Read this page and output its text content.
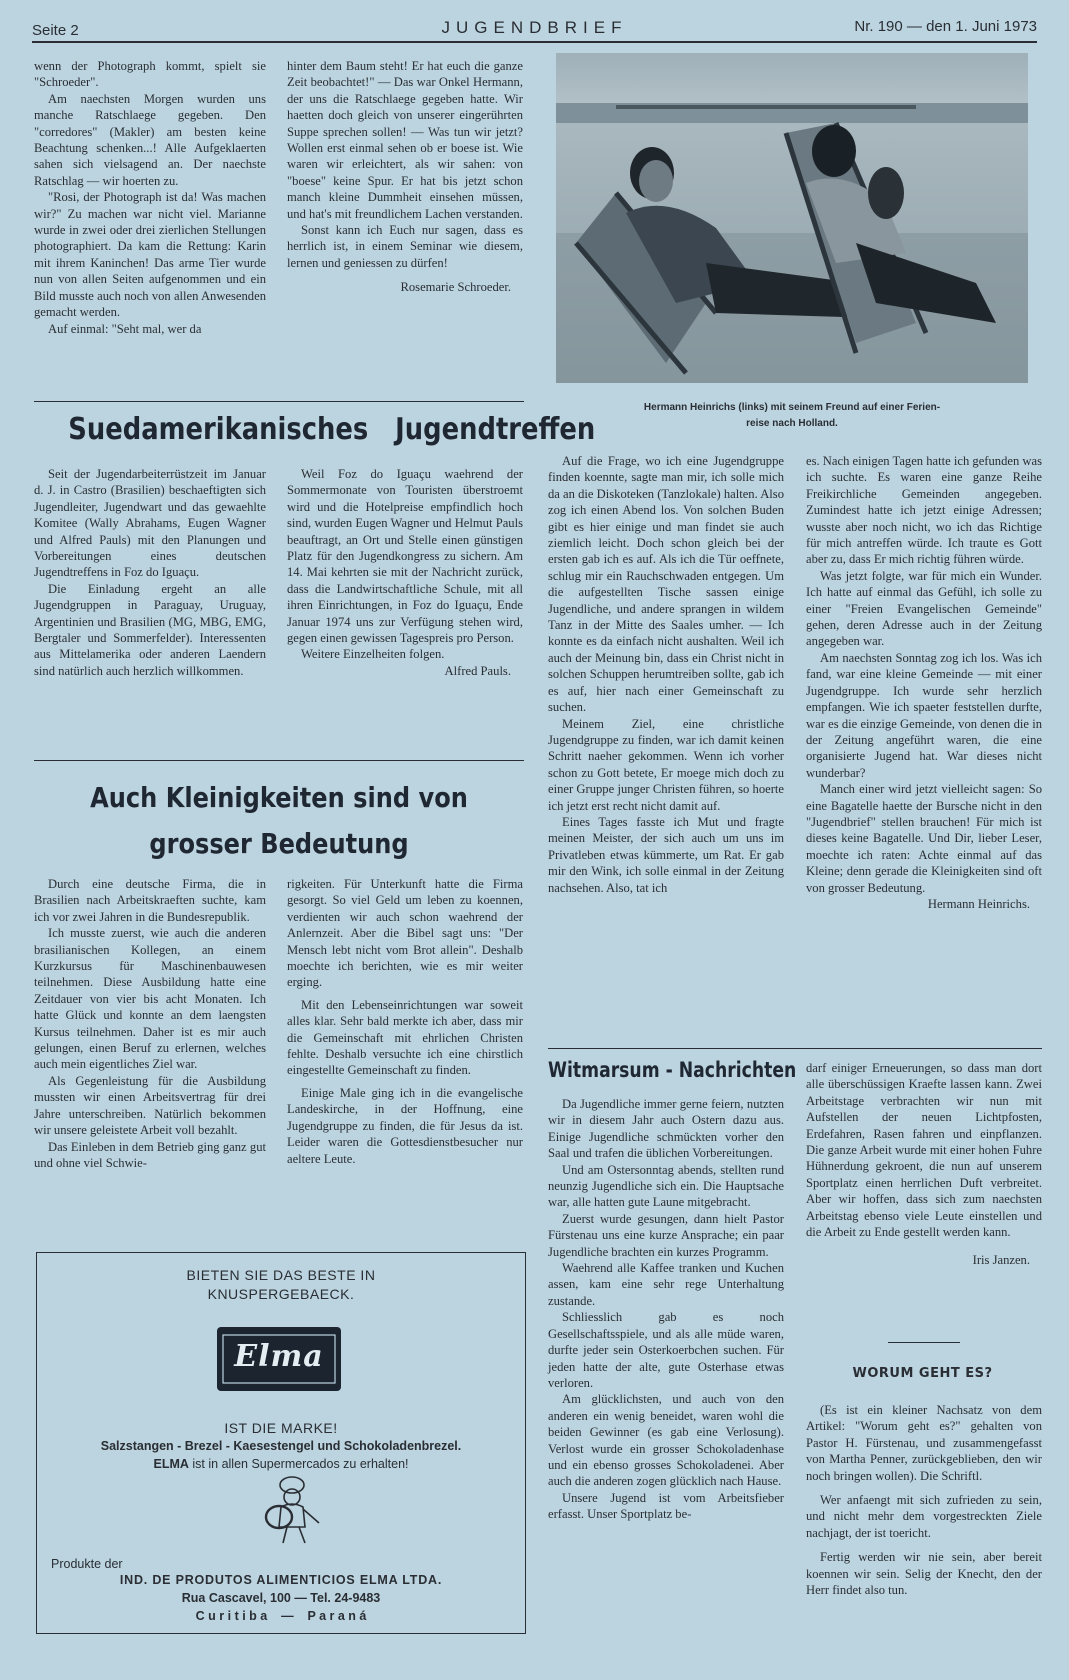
Seite 2	JUGENDBRIEF	Nr. 190 — den 1. Juni 1973

wenn der Photograph kommt, spielt sie "Schroeder".

Am naechsten Morgen wurden uns manche Ratschlaege gegeben. Den "corredores" (Makler) am besten keine Beachtung schenken...! Alle Aufgeklaerten sahen sich vielsagend an. Der naechste Ratschlag — wir hoerten zu.

"Rosi, der Photograph ist da! Was machen wir?" Zu machen war nicht viel. Marianne wurde in zwei oder drei zierlichen Stellungen photographiert. Da kam die Rettung: Karin mit ihrem Kaninchen! Das arme Tier wurde nun von allen Seiten aufgenommen und ein Bild musste auch noch von allen Anwesenden gemacht werden.

Auf einmal: "Seht mal, wer da

hinter dem Baum steht! Er hat euch die ganze Zeit beobachtet!" — Das war Onkel Hermann, der uns die Ratschlaege gegeben hatte. Wir haetten doch gleich von unserer eingerührten Suppe sprechen sollen! — Was tun wir jetzt? Wollen erst einmal sehen ob er boese ist. Wie waren wir erleichtert, als wir sahen: von "boese" keine Spur. Er hat bis jetzt schon manch kleine Dummheit einsehen müssen, und hat's mit freundlichem Lachen verstanden.

Sonst kann ich Euch nur sagen, dass es herrlich ist, in einem Seminar wie diesem, lernen und geniessen zu dürfen!

Rosemarie Schroeder.

Hermann Heinrichs (links) mit seinem Freund auf einer Ferien-
reise nach Holland.
Suedamerikanisches   Jugendtreffen

Seit der Jugendarbeiterrüstzeit im Januar d. J. in Castro (Brasilien) beschaeftigten sich Jugendleiter, Jugendwart und das gewaehlte Komitee (Wally Abrahams, Eugen Wagner und Alfred Pauls) mit den Planungen und Vorbereitungen eines deutschen Jugendtreffens in Foz do Iguaçu.

Die Einladung ergeht an alle Jugendgruppen in Paraguay, Uruguay, Argentinien und Brasilien (MG, MBG, EMG, Bergtaler und Sommerfelder). Interessenten aus Mittelamerika oder anderen Laendern sind natürlich auch herzlich willkommen.

Weil Foz do Iguaçu waehrend der Sommermonate von Touristen überstroemt wird und die Hotelpreise empfindlich hoch sind, wurden Eugen Wagner und Helmut Pauls beauftragt, an Ort und Stelle einen günstigen Platz für den Jugendkongress zu sichern. Am 14. Mai kehrten sie mit der Nachricht zurück, dass die Landwirtschaftliche Schule, mit all ihren Einrichtungen, in Foz do Iguaçu, Ende Januar 1974 uns zur Verfügung stehen wird, gegen einen gewissen Tagespreis pro Person.

Weitere Einzelheiten folgen.

Alfred Pauls.

Auch Kleinigkeiten sind von
grosser Bedeutung

Durch eine deutsche Firma, die in Brasilien nach Arbeitskraeften suchte, kam ich vor zwei Jahren in die Bundesrepublik.

Ich musste zuerst, wie auch die anderen brasilianischen Kollegen, an einem Kurzkursus für Maschinenbauwesen teilnehmen. Diese Ausbildung hatte eine Zeitdauer von vier bis acht Monaten. Ich hatte Glück und konnte an dem laengsten Kursus teilnehmen. Daher ist es mir auch gelungen, einen Beruf zu erlernen, welches auch mein eigentliches Ziel war.

Als Gegenleistung für die Ausbildung mussten wir einen Arbeitsvertrag für drei Jahre unterschreiben. Natürlich bekommen wir unsere geleistete Arbeit voll bezahlt.

Das Einleben in dem Betrieb ging ganz gut und ohne viel Schwie-

rigkeiten. Für Unterkunft hatte die Firma gesorgt. So viel Geld um leben zu koennen, verdienten wir auch schon waehrend der Anlernzeit. Aber die Bibel sagt uns: "Der Mensch lebt nicht vom Brot allein". Deshalb moechte ich berichten, wie es mir weiter erging.

Mit den Lebenseinrichtungen war soweit alles klar. Sehr bald merkte ich aber, dass mir die Gemeinschaft mit ehrlichen Christen fehlte. Deshalb versuchte ich eine chirstlich eingestellte Gemeinschaft zu finden.

Einige Male ging ich in die evangelische Landeskirche, in der Hoffnung, eine Jugendgruppe zu finden, die für Jesus da ist. Leider waren die Gottesdienstbesucher nur aeltere Leute.

Auf die Frage, wo ich eine Jugendgruppe finden koennte, sagte man mir, ich solle mich da an die Diskoteken (Tanzlokale) halten. Also zog ich einen Abend los. Von solchen Buden gibt es hier einige und man findet sie auch ziemlich leicht. Doch schon gleich bei der ersten gab ich es auf. Als ich die Tür oeffnete, schlug mir ein Rauchschwaden entgegen. Um die aufgestellten Tische sassen einige Jugendliche, und andere sprangen in wildem Tanz in der Mitte des Saales umher. — Ich konnte es da einfach nicht aushalten. Weil ich auch der Meinung bin, dass ein Christ nicht in solchen Schuppen herumtreiben sollte, gab ich es auf, hier nach einer Gemeinschaft zu suchen.

Meinem Ziel, eine christliche Jugendgruppe zu finden, war ich damit keinen Schritt naeher gekommen. Wenn ich vorher schon zu Gott betete, Er moege mich doch zu einer Gruppe junger Christen führen, so hoerte ich jetzt erst recht nicht damit auf.

Eines Tages fasste ich Mut und fragte meinen Meister, der sich auch um uns im Privatleben etwas kümmerte, um Rat. Er gab mir den Wink, ich solle einmal in der Zeitung nachsehen. Also, tat ich

es. Nach einigen Tagen hatte ich gefunden was ich suchte. Es waren eine ganze Reihe Freikirchliche Gemeinden angegeben. Zumindest hatte ich jetzt einige Adressen; wusste aber noch nicht, wo ich das Richtige für mich antreffen würde. Ich traute es Gott aber zu, dass Er mich richtig führen würde.

Was jetzt folgte, war für mich ein Wunder. Ich hatte auf einmal das Gefühl, ich solle zu einer "Freien Evangelischen Gemeinde" gehen, deren Adresse auch in der Zeitung angegeben war.

Am naechsten Sonntag zog ich los. Was ich fand, war eine kleine Gemeinde — mit einer Jugendgruppe. Ich wurde sehr herzlich empfangen. Wie ich spaeter feststellen durfte, war es die einzige Gemeinde, von denen die in der Zeitung angeführt waren, die eine organisierte Jugend hat. War dieses nicht wunderbar?

Manch einer wird jetzt vielleicht sagen: So eine Bagatelle haette der Bursche nicht in den "Jugendbrief" stellen brauchen! Für mich ist dieses keine Bagatelle. Und Dir, lieber Leser, moechte ich raten: Achte einmal auf das Kleine; denn gerade die Kleinigkeiten sind oft von grosser Bedeutung.

Hermann Heinrichs.

Witmarsum - Nachrichten

Da Jugendliche immer gerne feiern, nutzten wir in diesem Jahr auch Ostern dazu aus. Einige Jugendliche schmückten vorher den Saal und trafen die üblichen Vorbereitungen.

Und am Ostersonntag abends, stellten rund neunzig Jugendliche sich ein. Die Hauptsache war, alle hatten gute Laune mitgebracht.

Zuerst wurde gesungen, dann hielt Pastor Fürstenau uns eine kurze Ansprache; ein paar Jugendliche brachten ein kurzes Programm.

Waehrend alle Kaffee tranken und Kuchen assen, kam eine sehr rege Unterhaltung zustande.

Schliesslich gab es noch Gesellschaftsspiele, und als alle müde waren, durfte jeder sein Osterkoerbchen suchen. Für jeden hatte der alte, gute Osterhase etwas verloren.

Am glücklichsten, und auch von den anderen ein wenig beneidet, waren wohl die beiden Gewinner (es gab eine Verlosung). Verlost wurde ein grosser Schokoladenhase und ein ebenso grosses Schokoladenei. Aber auch die anderen zogen glücklich nach Hause.

Unsere Jugend ist vom Arbeitsfieber erfasst. Unser Sportplatz be-

darf einiger Erneuerungen, so dass man dort alle überschüssigen Kraefte lassen kann. Zwei Arbeitstage verbrachten wir nun mit Aufstellen der neuen Lichtpfosten, Erdefahren, Rasen fahren und einpflanzen. Die ganze Arbeit wurde mit einer hohen Fuhre Hühnerdung gekroent, die nun auf unserem Sportplatz einen herrlichen Duft verbreitet. Aber wir hoffen, dass sich zum naechsten Arbeitstag ebenso viele Leute einstellen und die Arbeit zu Ende gestellt werden kann.

Iris Janzen.

WORUM GEHT ES?

(Es ist ein kleiner Nachsatz von dem Artikel: "Worum geht es?" gehalten von Pastor H. Fürstenau, und zusammengefasst von Martha Penner, zurückgeblieben, den wir noch bringen wollen). Die Schriftl.

Wer anfaengt mit sich zufrieden zu sein, und nicht mehr dem vorgestreckten Ziele nachjagt, der ist toericht.

Fertig werden wir nie sein, aber bereit koennen wir sein. Selig der Knecht, den der Herr findet also tun.

BIETEN SIE DAS BESTE IN
KNUSPERGEBAECK.
Elma
IST DIE MARKE!
Salzstangen - Brezel - Kaesestengel und Schokoladenbrezel.
ELMA ist in allen Supermercados zu erhalten!
Produkte der
IND. DE PRODUTOS ALIMENTICIOS ELMA LTDA.
Rua Cascavel, 100 — Tel. 24-9483
C u r i t i b a    —    P a r a n á
